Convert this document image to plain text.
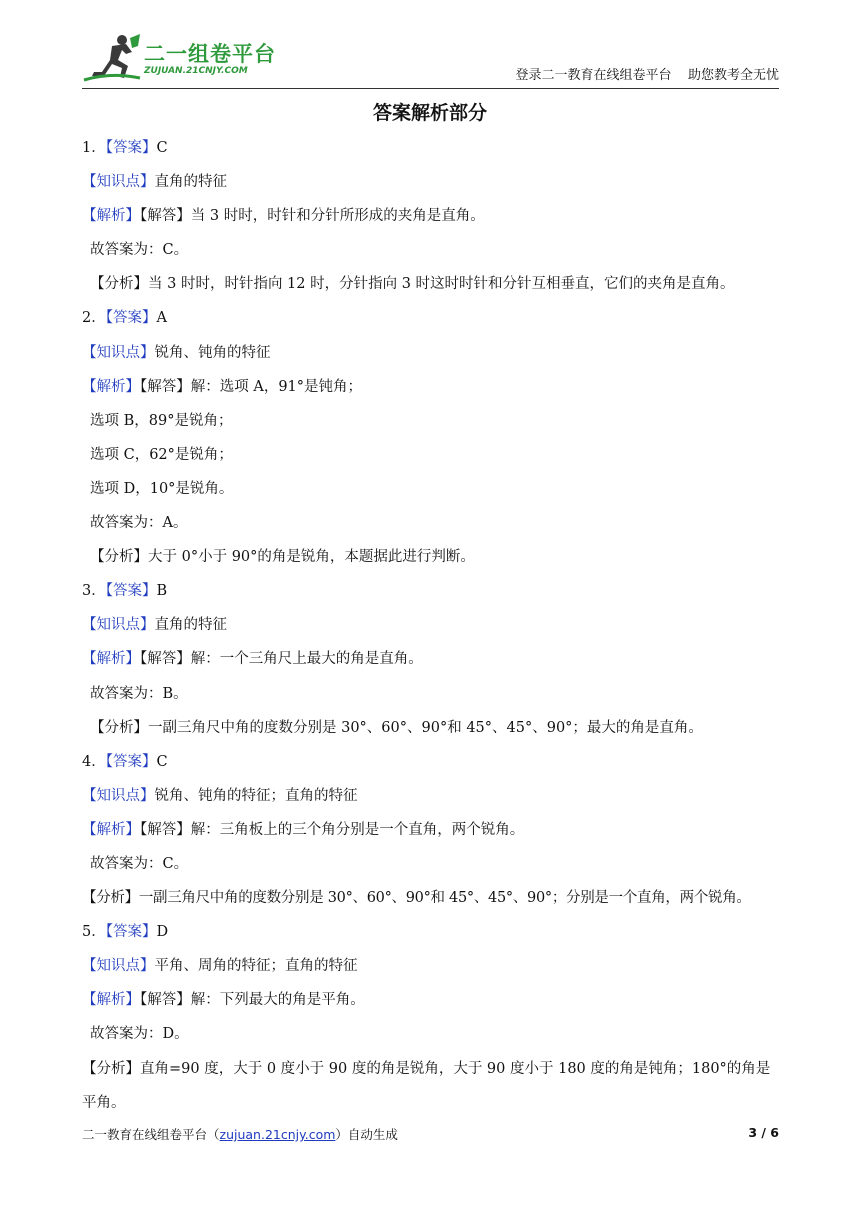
二一组卷平台
ZUJUAN.21CNJY.COM	登录二一教育在线组卷平台    助您教考全无忧
答案解析部分
1．【答案】C
【知识点】直角的特征
【解析】【解答】当 3 时时，时针和分针所形成的夹角是直角。
故答案为：C。
【分析】当 3 时时，时针指向 12 时，分针指向 3 时这时时针和分针互相垂直，它们的夹角是直角。
2．【答案】A
【知识点】锐角、钝角的特征
【解析】【解答】解：选项 A，91°是钝角；
选项 B，89°是锐角；
选项 C，62°是锐角；
选项 D，10°是锐角。
故答案为：A。
【分析】大于 0°小于 90°的角是锐角，本题据此进行判断。
3．【答案】B
【知识点】直角的特征
【解析】【解答】解：一个三角尺上最大的角是直角。
故答案为：B。
【分析】一副三角尺中角的度数分别是 30°、60°、90°和 45°、45°、90°；最大的角是直角。
4．【答案】C
【知识点】锐角、钝角的特征；直角的特征
【解析】【解答】解：三角板上的三个角分别是一个直角，两个锐角。
故答案为：C。
【分析】一副三角尺中角的度数分别是 30°、60°、90°和 45°、45°、90°；分别是一个直角，两个锐角。
5．【答案】D
【知识点】平角、周角的特征；直角的特征
【解析】【解答】解：下列最大的角是平角。
故答案为：D。
【分析】直角=90 度，大于 0 度小于 90 度的角是锐角，大于 90 度小于 180 度的角是钝角；180°的角是平角。
二一教育在线组卷平台（zujuan.21cnjy.com）自动生成	3 / 6
